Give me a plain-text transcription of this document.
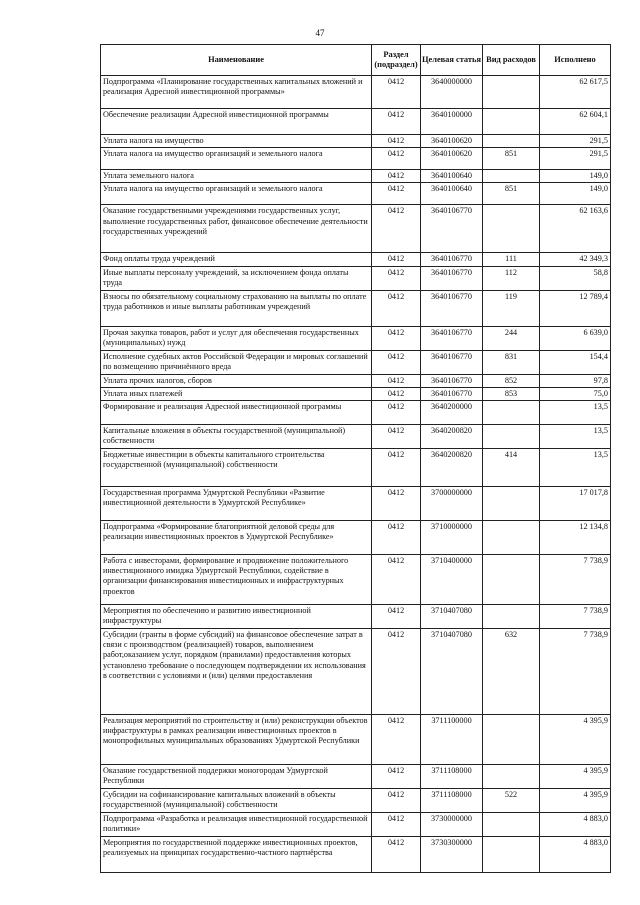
47
Наименование	Раздел (подраздел)	Целевая статья	Вид расходов	Исполнено
Подпрограмма «Планирование государственных капитальных вложений и реализация Адресной инвестиционной программы»	0412	3640000000		62 617,5
Обеспечение реализации Адресной инвестиционной программы	0412	3640100000		62 604,1
Уплата налога на имущество	0412	3640100620		291,5
Уплата налога на имущество организаций и земельного налога	0412	3640100620	851	291,5
Уплата земельного налога	0412	3640100640		149,0
Уплата налога на имущество организаций и земельного налога	0412	3640100640	851	149,0
Оказание государственными учреждениями государственных услуг, выполнение государственных работ, финансовое обеспечение деятельности государственных учреждений	0412	3640106770		62 163,6
Фонд оплаты труда учреждений	0412	3640106770	111	42 349,3
Иные выплаты персоналу учреждений, за исключением фонда оплаты труда	0412	3640106770	112	58,8
Взносы по обязательному социальному страхованию на выплаты по оплате труда работников и иные выплаты работникам учреждений	0412	3640106770	119	12 789,4
Прочая закупка товаров, работ и услуг для обеспечения государственных (муниципальных) нужд	0412	3640106770	244	6 639,0
Исполнение судебных актов Российской Федерации и мировых соглашений по возмещению причинённого вреда	0412	3640106770	831	154,4
Уплата прочих налогов, сборов	0412	3640106770	852	97,8
Уплата иных платежей	0412	3640106770	853	75,0
Формирование и реализация Адресной инвестиционной программы	0412	3640200000		13,5
Капитальные вложения в объекты государственной (муниципальной) собственности	0412	3640200820		13,5
Бюджетные инвестиции в объекты капитального строительства государственной (муниципальной) собственности	0412	3640200820	414	13,5
Государственная программа Удмуртской Республики «Развитие инвестиционной деятельности в Удмуртской Республике»	0412	3700000000		17 017,8
Подпрограмма «Формирование благоприятной деловой среды для реализации инвестиционных проектов в Удмуртской Республике»	0412	3710000000		12 134,8
Работа с инвесторами, формирование и продвижение положительного инвестиционного имиджа Удмуртской Республики, содействие в организации финансирования инвестиционных и инфраструктурных проектов	0412	3710400000		7 738,9
Мероприятия по обеспечению и развитию инвестиционной инфраструктуры	0412	3710407080		7 738,9
Субсидии (гранты в форме субсидий) на финансовое обеспечение затрат в связи с производством (реализацией) товаров, выполнением работ,оказанием услуг, порядком (правилами) предоставления которых установлено требование о последующем подтверждении их использования в соответствии с условиями и (или) целями предоставления	0412	3710407080	632	7 738,9
Реализация мероприятий по строительству и (или) реконструкции объектов инфраструктуры в рамках реализации инвестиционных проектов в монопрофильных муниципальных образованиях Удмуртской Республики	0412	3711100000		4 395,9
Оказание государственной поддержки моногородам Удмуртской Республики	0412	3711108000		4 395,9
Субсидии на софинансирование капитальных вложений в объекты государственной (муниципальной) собственности	0412	3711108000	522	4 395,9
Подпрограмма «Разработка и реализация инвестиционной государственной политики»	0412	3730000000		4 883,0
Мероприятия по государственной поддержке инвестиционных проектов, реализуемых на принципах государственно-частного партнёрства	0412	3730300000		4 883,0
